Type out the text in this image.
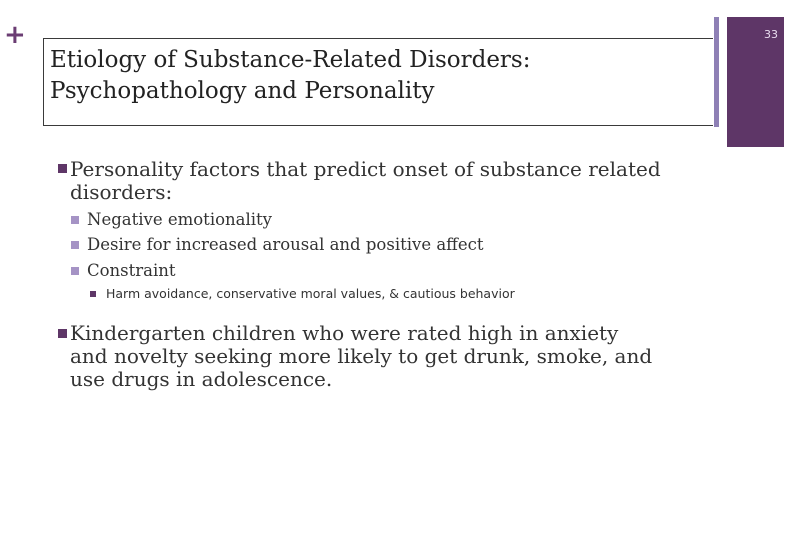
+
Etiology of Substance-Related Disorders:
Psychopathology and Personality
33
Personality factors that predict onset of substance related
disorders:
Negative emotionality
Desire for increased arousal and positive affect
Constraint
Harm avoidance, conservative moral values, & cautious behavior
Kindergarten children who were rated high in anxiety
and novelty seeking more likely to get drunk, smoke, and
use drugs in adolescence.
